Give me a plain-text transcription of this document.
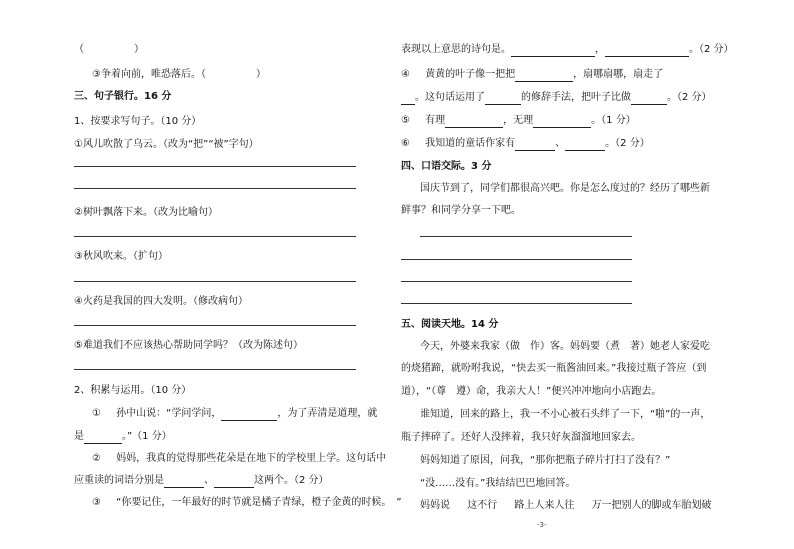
（　　　　　）
③争着向前，唯恐落后。（　　　　　）
三、句子银行。16 分
1、按要求写句子。（10 分）
①风儿吹散了乌云。（改为“把”“被”字句）
②树叶飘落下来。（改为比喻句）
③秋风吹来。（扩句）
④火药是我国的四大发明。（修改病句）
⑤难道我们不应该热心帮助同学吗？（改为陈述句）
2、积累与运用。（10 分）
① 孙中山说：“学问学问，	，为了弄清是道理，就
是	。”（1 分）
② 妈妈，我真的觉得那些花朵是在地下的学校里上学。这句话中
应重读的词语分别是	、	这两个。（2 分）
③ “你要记住，一年最好的时节就是橘子青绿，橙子金黄的时候。　”
表现以上意思的诗句是。	，	。（2 分）
④ 黄黄的叶子像一把把	，扇哪扇哪，扇走了
。这句话运用了	的修辞手法，把叶子比做	。（2 分）
⑤ 有理	，无理	。（1 分）
⑥ 我知道的童话作家有	、	。（2 分）
四、口语交际。3 分
国庆节到了，同学们都很高兴吧。你是怎么度过的？经历了哪些新
鲜事？和同学分享一下吧。
五、阅读天地。14 分
今天，外婆来我家（做　作）客。妈妈要（煮　著）她老人家爱吃
的烧猪蹄，就吩咐我说，“快去买一瓶酱油回来。”我接过瓶子答应（到
道），“（尊　遵）命，我亲大人！”便兴冲冲地向小店跑去。
谁知道，回来的路上，我一不小心被石头绊了一下，“啪”的一声，
瓶子摔碎了。还好人没摔着，我只好灰溜溜地回家去。
妈妈知道了原因，问我，“那你把瓶子碎片打扫了没有？”
“没……没有。”我结结巴巴地回答。
妈妈说 这不行 路上人来人往 万一把别人的脚或车胎划破
-3-
